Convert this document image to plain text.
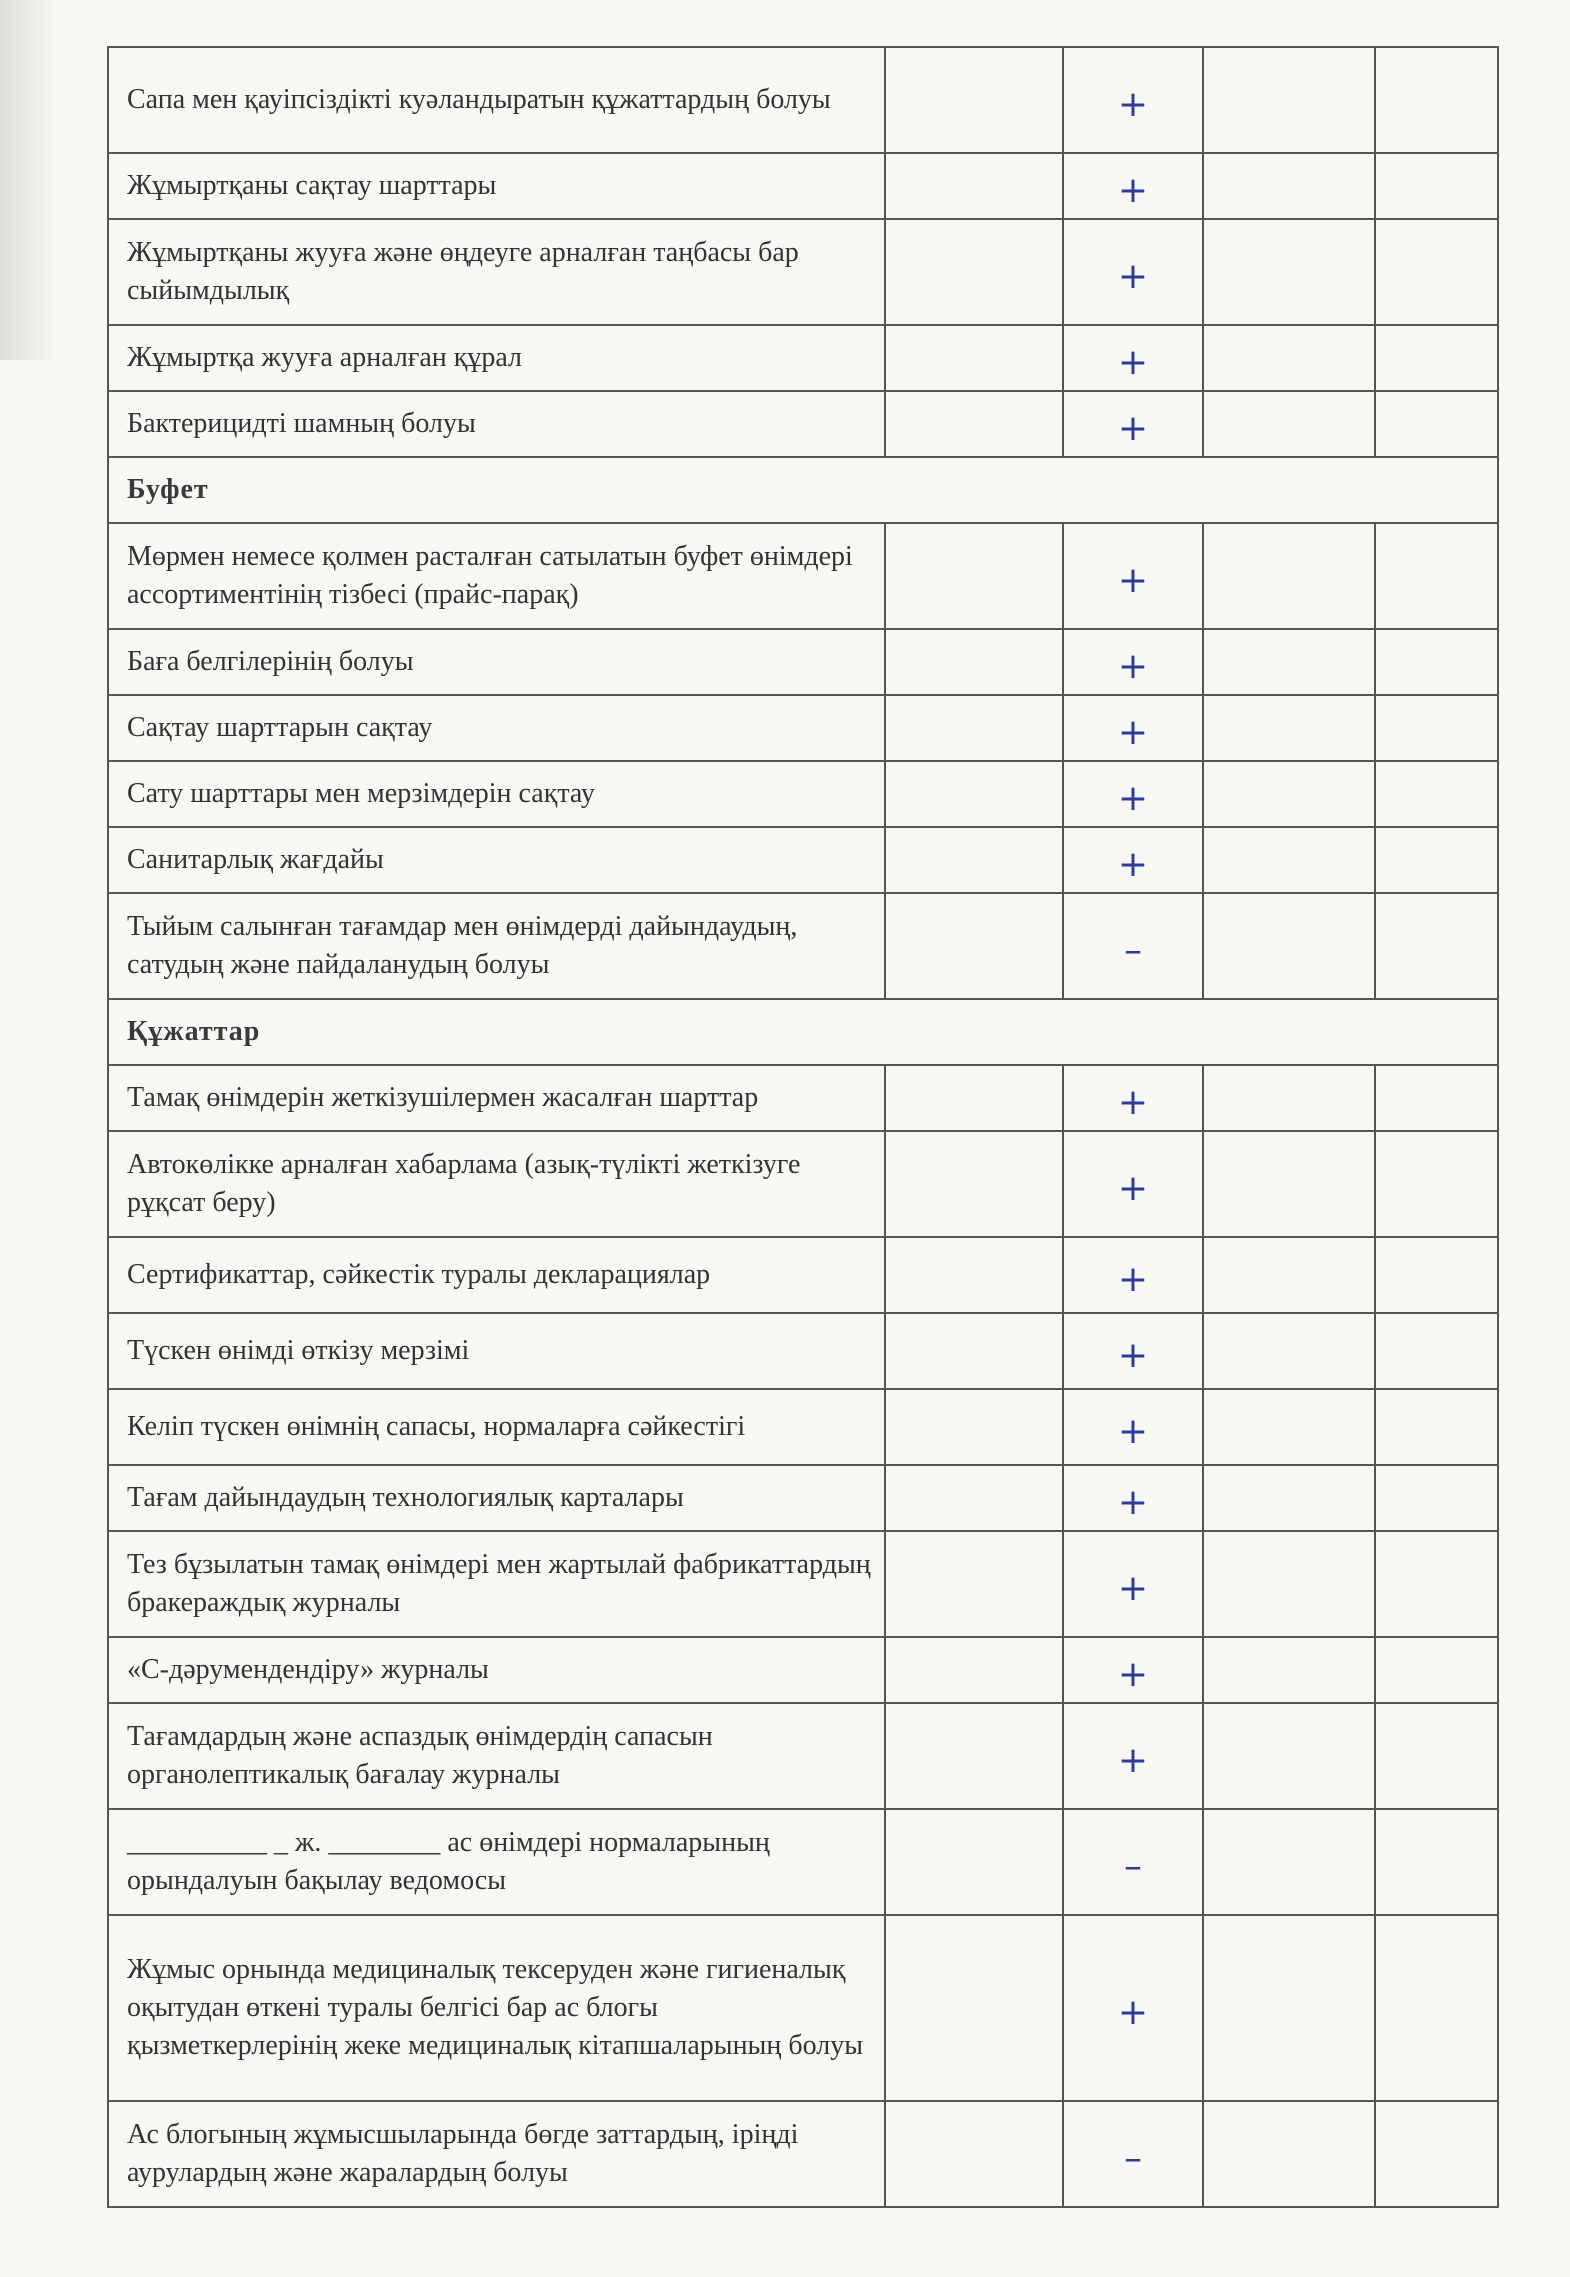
Сапа мен қауіпсіздікті куәландыратын құжаттардың болуы		+		
Жұмыртқаны сақтау шарттары		+		
Жұмыртқаны жууға және өңдеуге арналған таңбасы бар сыйымдылық		+		
Жұмыртқа жууға арналған құрал		+		
Бактерицидті шамның болуы		+		
Буфет				
Мөрмен немесе қолмен расталған сатылатын буфет өнімдері ассортиментінің тізбесі (прайс-парақ)		+		
Баға белгілерінің болуы		+		
Сақтау шарттарын сақтау		+		
Сату шарттары мен мерзімдерін сақтау		+		
Санитарлық жағдайы		+		
Тыйым салынған тағамдар мен өнімдерді дайындаудың, сатудың және пайдаланудың болуы		–		
Құжаттар				
Тамақ өнімдерін жеткізушілермен жасалған шарттар		+		
Автокөлікке арналған хабарлама (азық-түлікті жеткізуге рұқсат беру)		+		
Сертификаттар, сәйкестік туралы декларациялар		+		
Түскен өнімді өткізу мерзімі		+		
Келіп түскен өнімнің сапасы, нормаларға сәйкестігі		+		
Тағам дайындаудың технологиялық карталары		+		
Тез бұзылатын тамақ өнімдері мен жартылай фабрикаттардың бракераждық журналы		+		
«С-дәрумендендіру» журналы		+		
Тағамдардың және аспаздық өнімдердің сапасын органолептикалық бағалау журналы		+		
__________ _ ж. ________ ас өнімдері нормаларының орындалуын бақылау ведомосы		–		
Жұмыс орнында медициналық тексеруден және гигиеналық оқытудан өткені туралы белгісі бар ас блогы қызметкерлерінің жеке медициналық кітапшаларының болуы		+		
Ас блогының жұмысшыларында бөгде заттардың, іріңді аурулардың және жаралардың болуы		–		
